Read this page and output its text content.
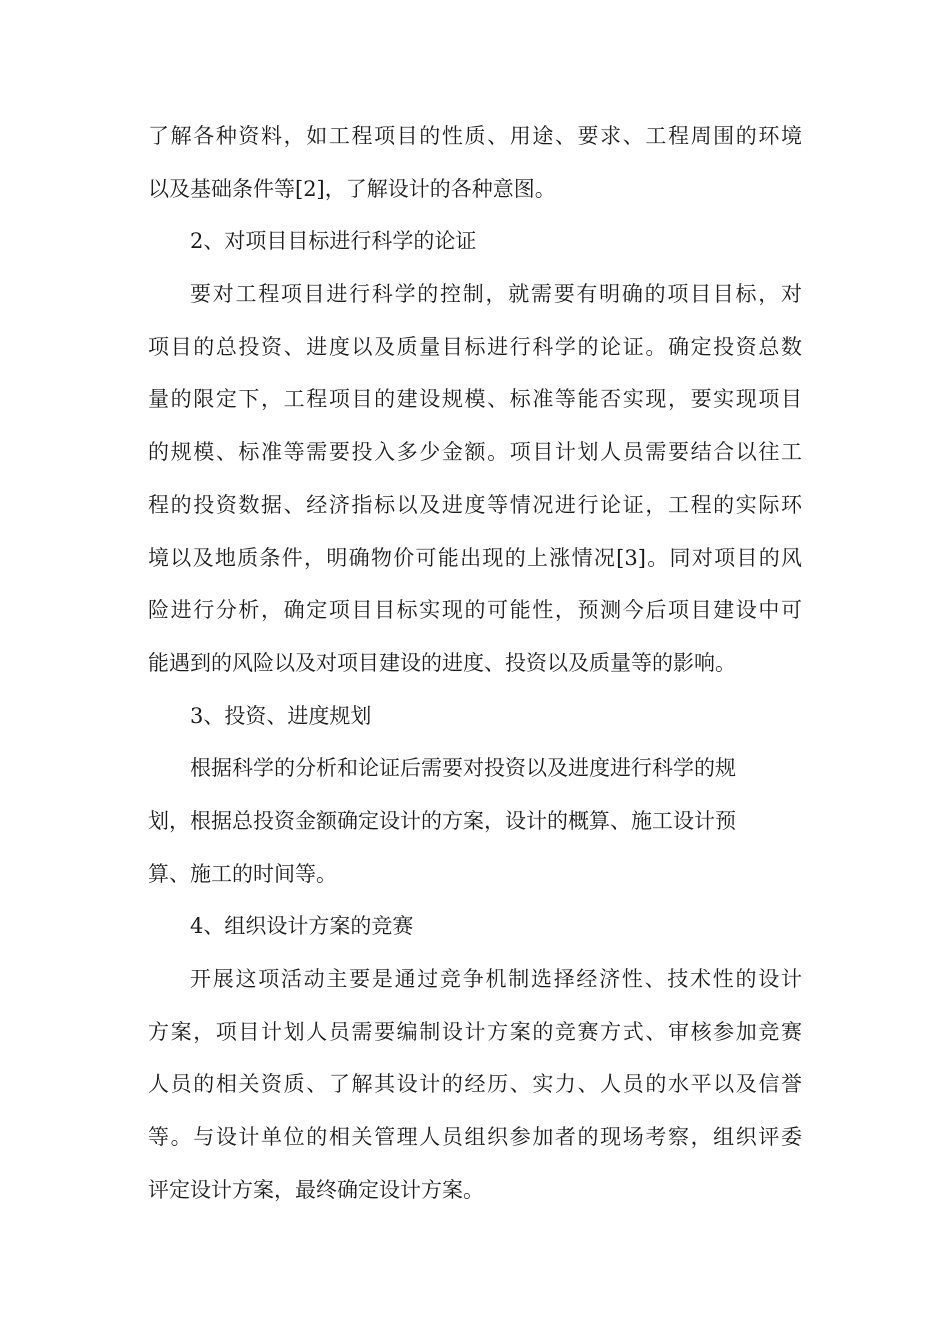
了解各种资料，如工程项目的性质、用途、要求、工程周围的环境
以及基础条件等[2]，了解设计的各种意图。
2、对项目目标进行科学的论证
要对工程项目进行科学的控制，就需要有明确的项目目标，对
项目的总投资、进度以及质量目标进行科学的论证。确定投资总数
量的限定下，工程项目的建设规模、标准等能否实现，要实现项目
的规模、标准等需要投入多少金额。项目计划人员需要结合以往工
程的投资数据、经济指标以及进度等情况进行论证，工程的实际环
境以及地质条件，明确物价可能出现的上涨情况[3]。同对项目的风
险进行分析，确定项目目标实现的可能性，预测今后项目建设中可
能遇到的风险以及对项目建设的进度、投资以及质量等的影响。
3、投资、进度规划
根据科学的分析和论证后需要对投资以及进度进行科学的规
划，根据总投资金额确定设计的方案，设计的概算、施工设计预
算、施工的时间等。
4、组织设计方案的竞赛
开展这项活动主要是通过竞争机制选择经济性、技术性的设计
方案，项目计划人员需要编制设计方案的竞赛方式、审核参加竞赛
人员的相关资质、了解其设计的经历、实力、人员的水平以及信誉
等。与设计单位的相关管理人员组织参加者的现场考察，组织评委
评定设计方案，最终确定设计方案。
